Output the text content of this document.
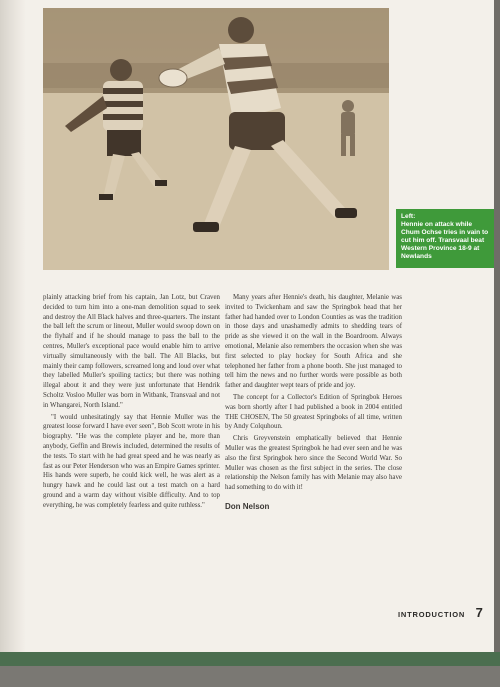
Left:
Hennie on attack while Chum Ochse tries in vain to cut him off. Transvaal beat Western Province 18-9 at Newlands

plainly attacking brief from his captain, Jan Lotz, but Craven decided to turn him into a one-man demolition squad to seek and destroy the All Black halves and three-quarters. The instant the ball left the scrum or lineout, Muller would swoop down on the flyhalf and if he should manage to pass the ball to the centres, Muller's exceptional pace would enable him to arrive virtually simultaneously with the ball. The All Blacks, but mainly their camp followers, screamed long and loud over what they labelled Muller's spoiling tactics; but there was nothing illegal about it and they were just unfortunate that Hendrik Scholtz Vosloo Muller was born in Witbank, Transvaal and not in Whangarei, North Island."

"I would unhesitatingly say that Hennie Muller was the greatest loose forward I have ever seen", Bob Scott wrote in his biography. "He was the complete player and he, more than anybody, Geffin and Brewis included, determined the results of the tests. To start with he had great speed and he was nearly as fast as our Peter Henderson who was an Empire Games sprinter. His hands were superb, he could kick well, he was alert as a hungry hawk and he could last out a test match on a hard ground and a warm day without visible difficulty. And to top everything, he was completely fearless and quite ruthless."

Many years after Hennie's death, his daughter, Melanie was invited to Twickenham and saw the Springbok head that her father had handed over to London Counties as was the tradition in those days and unashamedly admits to shedding tears of pride as she viewed it on the wall in the Boardroom. Always emotional, Melanie also remembers the occasion when she was first selected to play hockey for South Africa and she telephoned her father from a phone booth. She just managed to tell him the news and no further words were possible as both father and daughter wept tears of pride and joy.

The concept for a Collector's Edition of Springbok Heroes was born shortly after I had published a book in 2004 entitled THE CHOSEN, The 50 greatest Springboks of all time, written by Andy Colquhoun.

Chris Greyvenstein emphatically believed that Hennie Muller was the greatest Springbok he had ever seen and he was also the first Springbok hero since the Second World War. So Muller was chosen as the first subject in the series. The close relationship the Nelson family has with Melanie may also have had something to do with it!

Don Nelson
INTRODUCTION 7
